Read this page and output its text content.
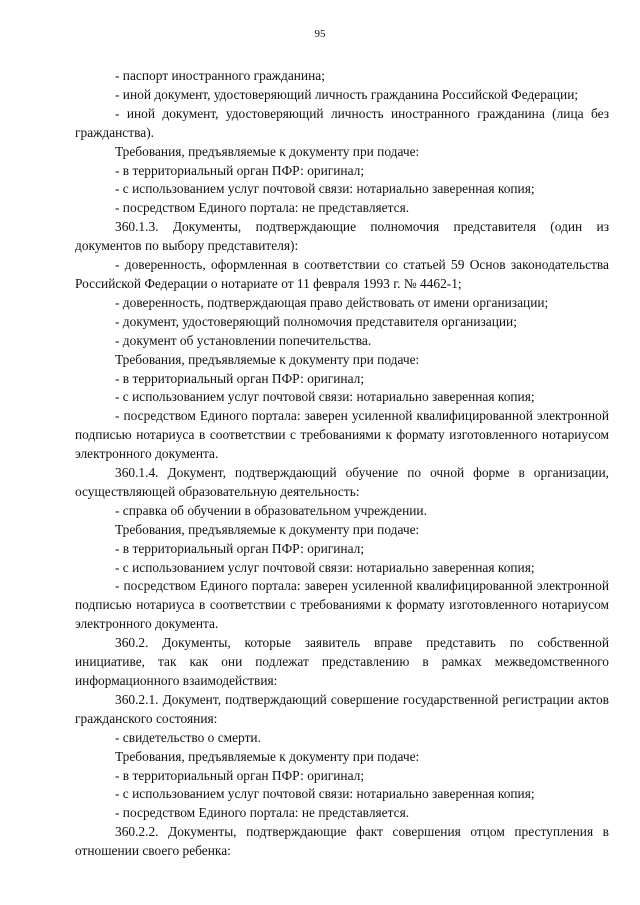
95

- паспорт иностранного гражданина;

- иной документ, удостоверяющий личность гражданина Российской Федерации;

- иной документ, удостоверяющий личность иностранного гражданина (лица без гражданства).

Требования, предъявляемые к документу при подаче:

- в территориальный орган ПФР: оригинал;

- с использованием услуг почтовой связи: нотариально заверенная копия;

- посредством Единого портала: не представляется.

360.1.3. Документы, подтверждающие полномочия представителя (один из документов по выбору представителя):

- доверенность, оформленная в соответствии со статьей 59 Основ законодательства Российской Федерации о нотариате от 11 февраля 1993 г. № 4462-1;

- доверенность, подтверждающая право действовать от имени организации;

- документ, удостоверяющий полномочия представителя организации;

- документ об установлении попечительства.

Требования, предъявляемые к документу при подаче:

- в территориальный орган ПФР: оригинал;

- с использованием услуг почтовой связи: нотариально заверенная копия;

- посредством Единого портала: заверен усиленной квалифицированной электронной подписью нотариуса в соответствии с требованиями к формату изготовленного нотариусом электронного документа.

360.1.4. Документ, подтверждающий обучение по очной форме в организации, осуществляющей образовательную деятельность:

- справка об обучении в образовательном учреждении.

Требования, предъявляемые к документу при подаче:

- в территориальный орган ПФР: оригинал;

- с использованием услуг почтовой связи: нотариально заверенная копия;

- посредством Единого портала: заверен усиленной квалифицированной электронной подписью нотариуса в соответствии с требованиями к формату изготовленного нотариусом электронного документа.

360.2. Документы, которые заявитель вправе представить по собственной инициативе, так как они подлежат представлению в рамках межведомственного информационного взаимодействия:

360.2.1. Документ, подтверждающий совершение государственной регистрации актов гражданского состояния:

- свидетельство о смерти.

Требования, предъявляемые к документу при подаче:

- в территориальный орган ПФР: оригинал;

- с использованием услуг почтовой связи: нотариально заверенная копия;

- посредством Единого портала: не представляется.

360.2.2. Документы, подтверждающие факт совершения отцом преступления в отношении своего ребенка:
